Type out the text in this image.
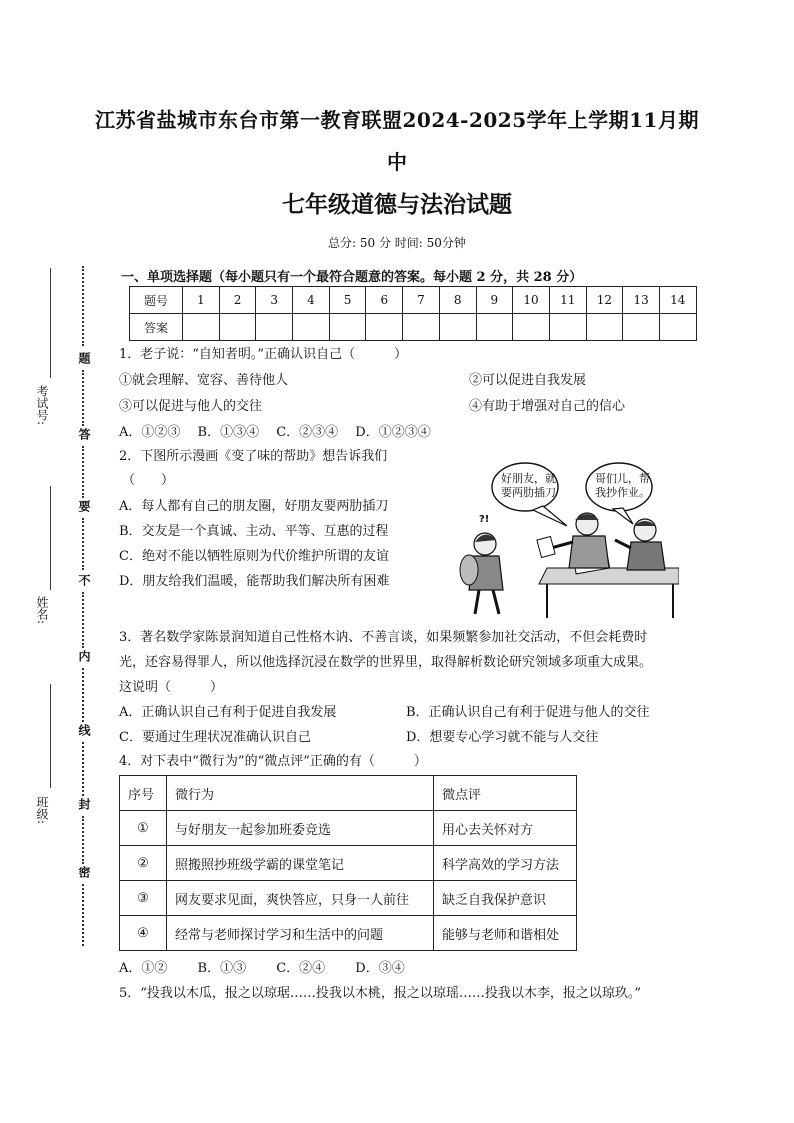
江苏省盐城市东台市第一教育联盟2024-2025学年上学期11月期
中
七年级道德与法治试题
总分: 50 分 时间: 50分钟
考试号:
姓名:
班级:
题
答
要
不
内
线
封
密
一、单项选择题（每小题只有一个最符合题意的答案。每小题 2 分，共 28 分）
题号	1	2	3	4	5	6	7	8	9	10	11	12	13	14
答案														
1．老子说：“自知者明。”正确认识自己（　　　）
①就会理解、宽容、善待他人	②可以促进自我发展
③可以促进与他人的交往	④有助于增强对自己的信心
A．①②③　 B．①③④　 C．②③④　 D．①②③④
2．下图所示漫画《变了味的帮助》想告诉我们
（　　）
A．每人都有自己的朋友圈，好朋友要两肋插刀
B．交友是一个真诚、主动、平等、互惠的过程
C．绝对不能以牺牲原则为代价维护所谓的友谊
D．朋友给我们温暖，能帮助我们解决所有困难
好朋友，就
要两肋插刀
哥们儿，帮
我抄作业。
?!
3．著名数学家陈景润知道自己性格木讷、不善言谈，如果频繁参加社交活动，不但会耗费时
光，还容易得罪人，所以他选择沉浸在数学的世界里，取得解析数论研究领域多项重大成果。
这说明（　　　）
A．正确认识自己有利于促进自我发展	B．正确认识自己有利于促进与他人的交往
C．要通过生理状况准确认识自己	D．想要专心学习就不能与人交往
4．对下表中“微行为”的“微点评”正确的有（　　　）
序号	微行为	微点评
①	与好朋友一起参加班委竞选	用心去关怀对方
②	照搬照抄班级学霸的课堂笔记	科学高效的学习方法
③	网友要求见面，爽快答应，只身一人前往	缺乏自我保护意识
④	经常与老师探讨学习和生活中的问题	能够与老师和谐相处
A．①②　　 B．①③　　 C．②④　　 D．③④
5．“投我以木瓜，报之以琼琚……投我以木桃，报之以琼瑶……投我以木李，报之以琼玖。”
